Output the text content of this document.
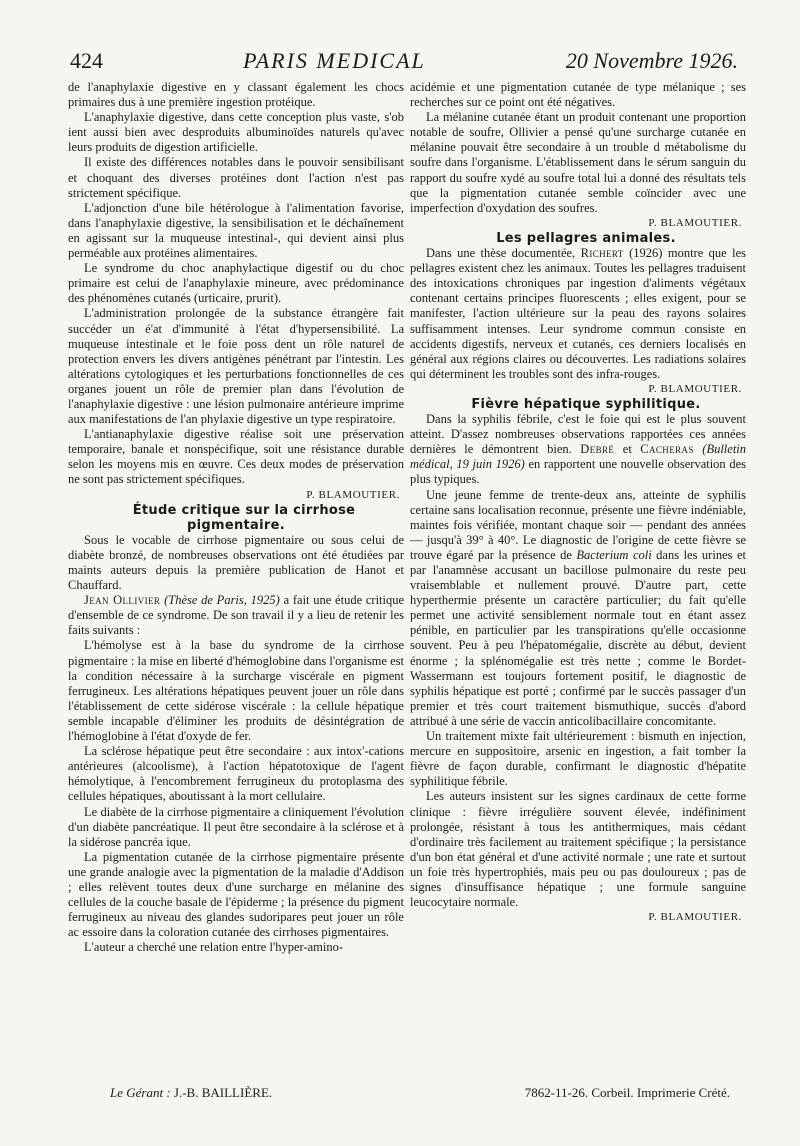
424	PARIS MEDICAL	20 Novembre 1926.

de l'anaphylaxie digestive en y classant également les chocs primaires dus à une première ingestion protéique.

L'anaphylaxie digestive, dans cette conception plus vaste, s'ob ient aussi bien avec desproduits albuminoïdes naturels qu'avec leurs produits de digestion artificielle.

Il existe des différences notables dans le pouvoir sensibilisant et choquant des diverses protéines dont l'action n'est pas strictement spécifique.

L'adjonction d'une bile hétérologue à l'alimentation favorise, dans l'anaphylaxie digestive, la sensibilisation et le déchaînement en agissant sur la muqueuse intestinal-, qui devient ainsi plus perméable aux protéines alimentaires.

Le syndrome du choc anaphylactique digestif ou du choc primaire est celui de l'anaphylaxie mineure, avec prédominance des phénomènes cutanés (urticaire, prurit).

L'administration prolongée de la substance étrangère fait succéder un é'at d'immunité à l'état d'hypersensibilité. La muqueuse intestinale et le foie poss dent un rôle naturel de protection envers les divers antigènes pénétrant par l'intestin. Les altérations cytologiques et les perturbations fonctionnelles de ces organes jouent un rôle de premier plan dans l'évolution de l'anaphylaxie digestive : une lésion pulmonaire antérieure imprime aux manifestations de l'an phylaxie digestive un type respiratoire.

L'antianaphylaxie digestive réalise soit une préservation temporaire, banale et nonspécifique, soit une résistance durable selon les moyens mis en œuvre. Ces deux modes de préservation ne sont pas strictement spécifiques.

P. BLAMOUTIER.

Étude critique sur la cirrhose pigmentaire.

Sous le vocable de cirrhose pigmentaire ou sous celui de diabète bronzé, de nombreuses observations ont été étudiées par maints auteurs depuis la première publication de Hanot et Chauffard.

Jean Ollivier (Thèse de Paris, 1925) a fait une étude critique d'ensemble de ce syndrome. De son travail il y a lieu de retenir les faits suivants :

L'hémolyse est à la base du syndrome de la cirrhose pigmentaire : la mise en liberté d'hémoglobine dans l'organisme est la condition nécessaire à la surcharge viscérale en pigment ferrugineux. Les altérations hépatiques peuvent jouer un rôle dans l'établissement de cette sidérose viscérale : la cellule hépatique semble incapable d'éliminer les produits de désintégration de l'hémoglobine à l'état d'oxyde de fer.

La sclérose hépatique peut être secondaire : aux intox'-cations antérieures (alcoolisme), à l'action hépatotoxique de l'agent hémolytique, à l'encombrement ferrugineux du protoplasma des cellules hépatiques, aboutissant à la mort cellulaire.

Le diabète de la cirrhose pigmentaire a cliniquement l'évolution d'un diabète pancréatique. Il peut être secondaire à la sclérose et à la sidérose pancréa ique.

La pigmentation cutanée de la cirrhose pigmentaire présente une grande analogie avec la pigmentation de la maladie d'Addison ; elles relèvent toutes deux d'une surcharge en mélanine des cellules de la couche basale de l'épiderme ; la présence du pigment ferrugineux au niveau des glandes sudoripares peut jouer un rôle ac essoire dans la coloration cutanée des cirrhoses pigmentaires.

L'auteur a cherché une relation entre l'hyper-amino-

acidémie et une pigmentation cutanée de type mélanique ; ses recherches sur ce point ont été négatives.

La mélanine cutanée étant un produit contenant une proportion notable de soufre, Ollivier a pensé qu'une surcharge cutanée en mélanine pouvait être secondaire à un trouble d métabolisme du soufre dans l'organisme. L'établissement dans le sérum sanguin du rapport du soufre xydé au soufre total lui a donné des résultats tels que la pigmentation cutanée semble coïncider avec une imperfection d'oxydation des soufres.

P. BLAMOUTIER.

Les pellagres animales.

Dans une thèse documentée, Richert (1926) montre que les pellagres existent chez les animaux. Toutes les pellagres traduisent des intoxications chroniques par ingestion d'aliments végétaux contenant certains principes fluorescents ; elles exigent, pour se manifester, l'action ultérieure sur la peau des rayons solaires suffisamment intenses. Leur syndrome commun consiste en accidents digestifs, nerveux et cutanés, ces derniers localisés en général aux régions claires ou découvertes. Les radiations solaires qui déterminent les troubles sont des infra-rouges.

P. BLAMOUTIER.

Fièvre hépatique syphilitique.

Dans la syphilis fébrile, c'est le foie qui est le plus souvent atteint. D'assez nombreuses observations rapportées ces années dernières le démontrent bien. Debré et Cacheras (Bulletin médical, 19 juin 1926) en rapportent une nouvelle observation des plus typiques.

Une jeune femme de trente-deux ans, atteinte de syphilis certaine sans localisation reconnue, présente une fièvre indéniable, maintes fois vérifiée, montant chaque soir — pendant des années — jusqu'à 39° à 40°. Le diagnostic de l'origine de cette fièvre se trouve égaré par la présence de Bacterium coli dans les urines et par l'anamnèse accusant un bacillose pulmonaire du reste peu vraisemblable et nullement prouvé. D'autre part, cette hyperthermie présente un caractère particulier; du fait qu'elle permet une activité sensiblement normale tout en étant assez pénible, en particulier par les transpirations qu'elle occasionne souvent. Peu à peu l'hépatomégalie, discrète au début, devient énorme ; la splénomégalie est très nette ; comme le Bordet-Wassermann est toujours fortement positif, le diagnostic de syphilis hépatique est porté ; confirmé par le succès passager d'un premier et très court traitement bismuthique, succès d'abord attribué à une série de vaccin anticolibacillaire concomitante.

Un traitement mixte fait ultérieurement : bismuth en injection, mercure en suppositoire, arsenic en ingestion, a fait tomber la fièvre de façon durable, confirmant le diagnostic d'hépatite syphilitique fébrile.

Les auteurs insistent sur les signes cardinaux de cette forme clinique : fièvre irrégulière souvent élevée, indéfiniment prolongée, résistant à tous les antithermiques, mais cédant d'ordinaire très facilement au traitement spécifique ; la persistance d'un bon état général et d'une activité normale ; une rate et surtout un foie très hypertrophiés, mais peu ou pas douloureux ; pas de signes d'insuffisance hépatique ; une formule sanguine leucocytaire normale.

P. BLAMOUTIER.

Le Gérant : J.-B. BAILLIÈRE.	7862-11-26. Corbeil. Imprimerie Crété.
